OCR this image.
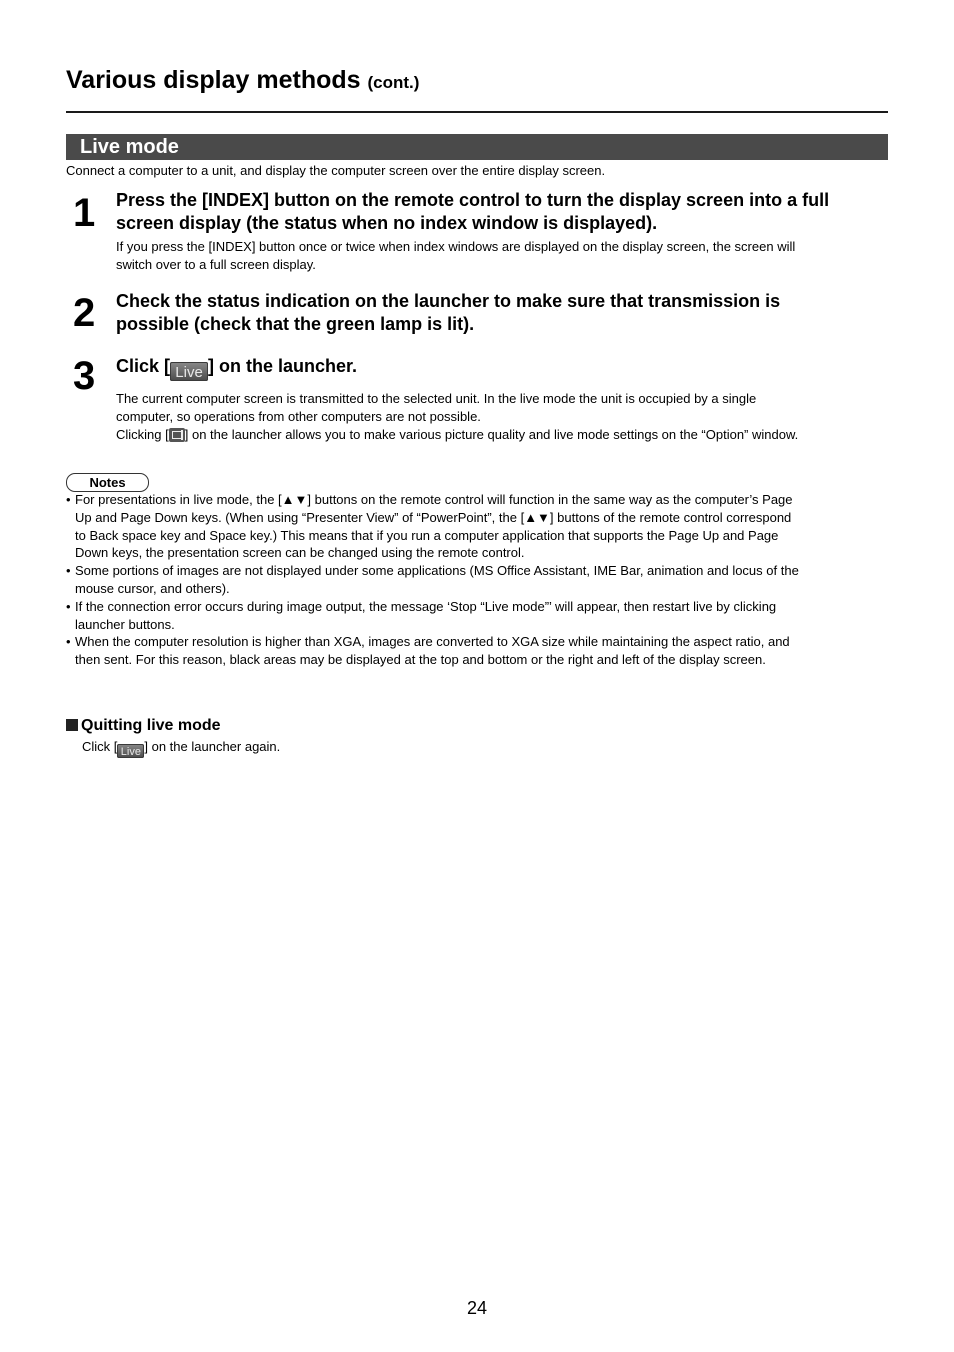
Various display methods (cont.)
Live mode
Connect a computer to a unit, and display the computer screen over the entire display screen.
1 Press the [INDEX] button on the remote control to turn the display screen into a full
screen display (the status when no index window is displayed).
If you press the [INDEX] button once or twice when index windows are displayed on the display screen, the screen will
switch over to a full screen display.
2 Check the status indication on the launcher to make sure that transmission is
possible (check that the green lamp is lit).
3 Click [ Live ] on the launcher.
The current computer screen is transmitted to the selected unit. In the live mode the unit is occupied by a single
computer, so operations from other computers are not possible.
Clicking [ ] on the launcher allows you to make various picture quality and live mode settings on the “Option” window.
Notes
• For presentations in live mode, the [▲▼] buttons on the remote control will function in the same way as the computer’s Page
Up and Page Down keys. (When using “Presenter View” of “PowerPoint”, the [▲▼] buttons of the remote control correspond
to Back space key and Space key.) This means that if you run a computer application that supports the Page Up and Page
Down keys, the presentation screen can be changed using the remote control.
• Some portions of images are not displayed under some applications (MS Office Assistant, IME Bar, animation and locus of the
mouse cursor, and others).
• If the connection error occurs during image output, the message ‘Stop “Live mode”’ will appear, then restart live by clicking
launcher buttons.
• When the computer resolution is higher than XGA, images are converted to XGA size while maintaining the aspect ratio, and
then sent. For this reason, black areas may be displayed at the top and bottom or the right and left of the display screen.
Quitting live mode
Click [ Live ] on the launcher again.
24
